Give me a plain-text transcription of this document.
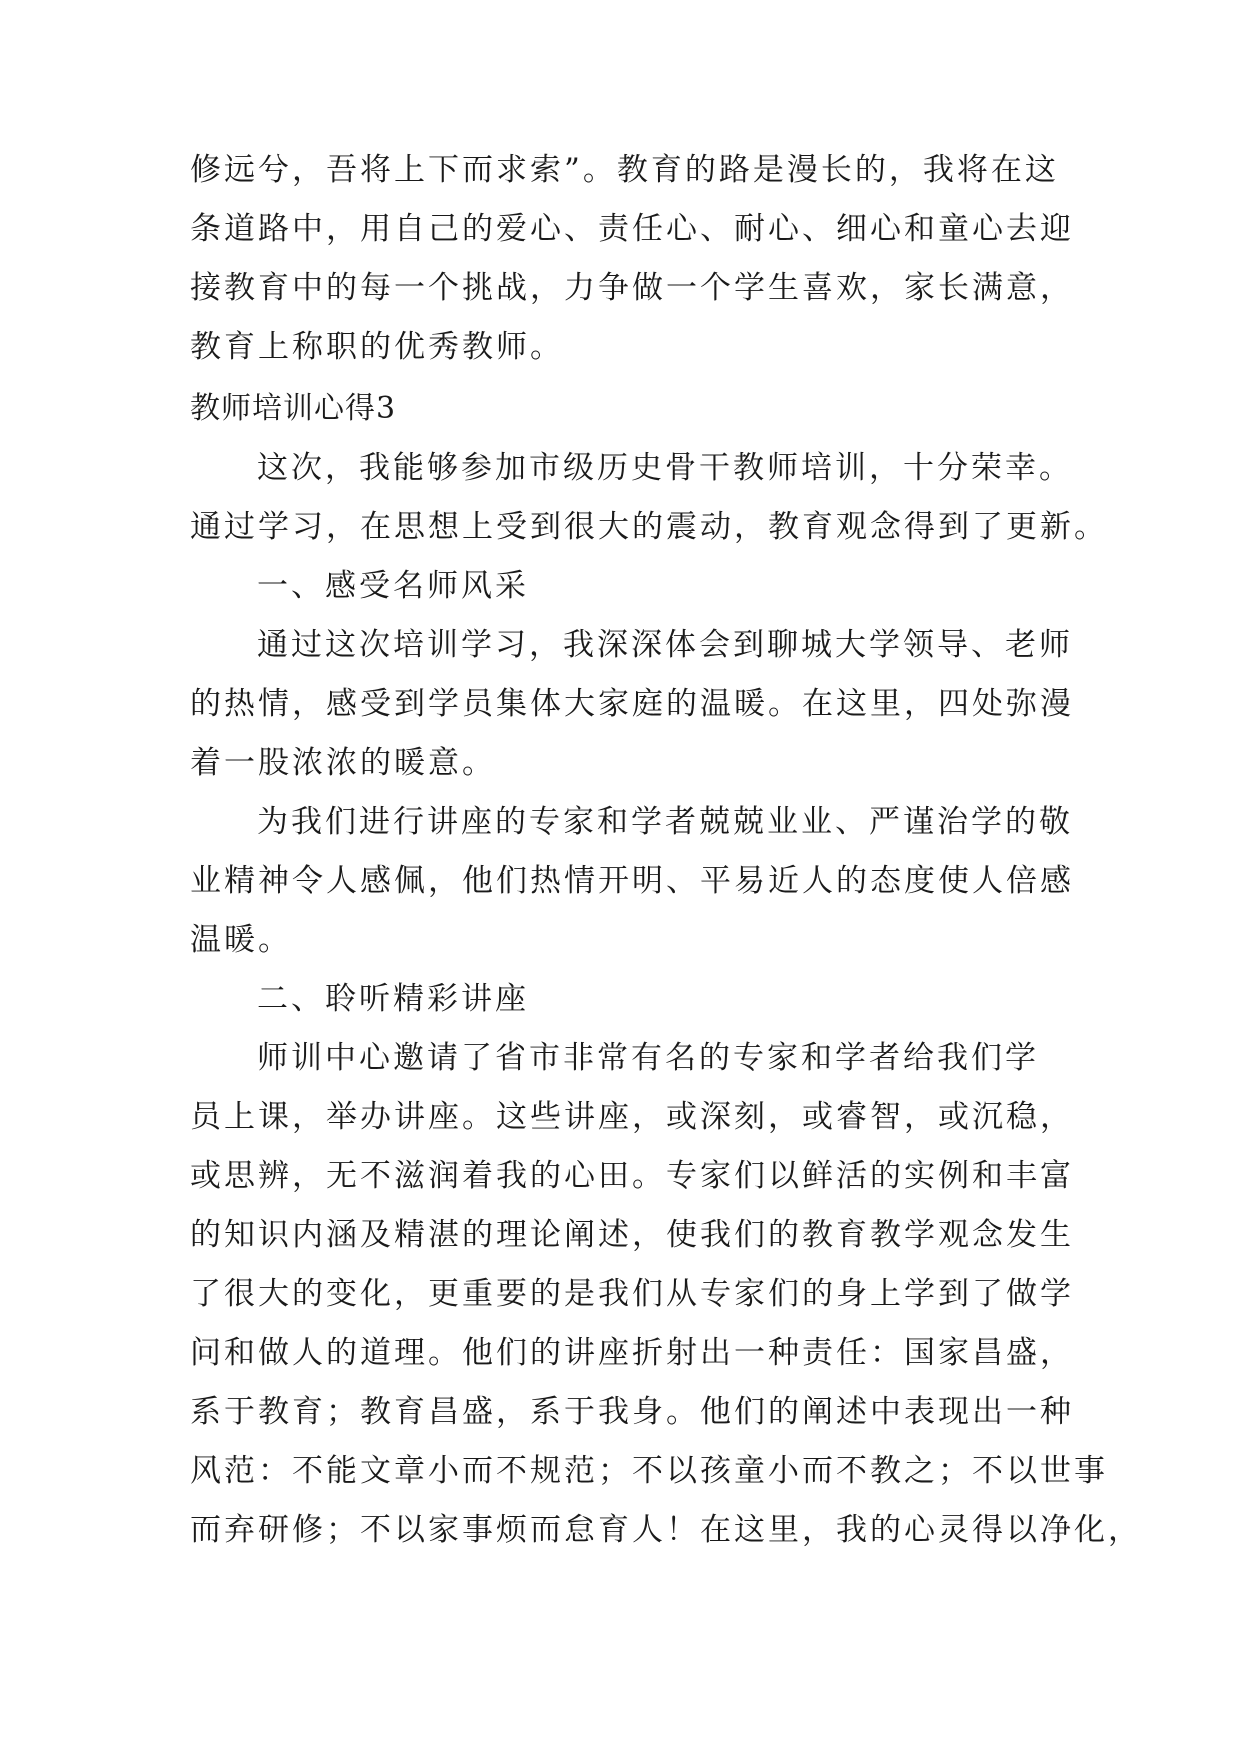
修远兮，吾将上下而求索”。教育的路是漫长的，我将在这
条道路中，用自己的爱心、责任心、耐心、细心和童心去迎
接教育中的每一个挑战，力争做一个学生喜欢，家长满意，
教育上称职的优秀教师。
教师培训心得3
这次，我能够参加市级历史骨干教师培训，十分荣幸。
通过学习，在思想上受到很大的震动，教育观念得到了更新。
一、感受名师风采
通过这次培训学习，我深深体会到聊城大学领导、老师
的热情，感受到学员集体大家庭的温暖。在这里，四处弥漫
着一股浓浓的暖意。
为我们进行讲座的专家和学者兢兢业业、严谨治学的敬
业精神令人感佩，他们热情开明、平易近人的态度使人倍感
温暖。
二、聆听精彩讲座
师训中心邀请了省市非常有名的专家和学者给我们学
员上课，举办讲座。这些讲座，或深刻，或睿智，或沉稳，
或思辨，无不滋润着我的心田。专家们以鲜活的实例和丰富
的知识内涵及精湛的理论阐述，使我们的教育教学观念发生
了很大的变化，更重要的是我们从专家们的身上学到了做学
问和做人的道理。他们的讲座折射出一种责任：国家昌盛，
系于教育；教育昌盛，系于我身。他们的阐述中表现出一种
风范：不能文章小而不规范；不以孩童小而不教之；不以世事
而弃研修；不以家事烦而怠育人！在这里，我的心灵得以净化，
